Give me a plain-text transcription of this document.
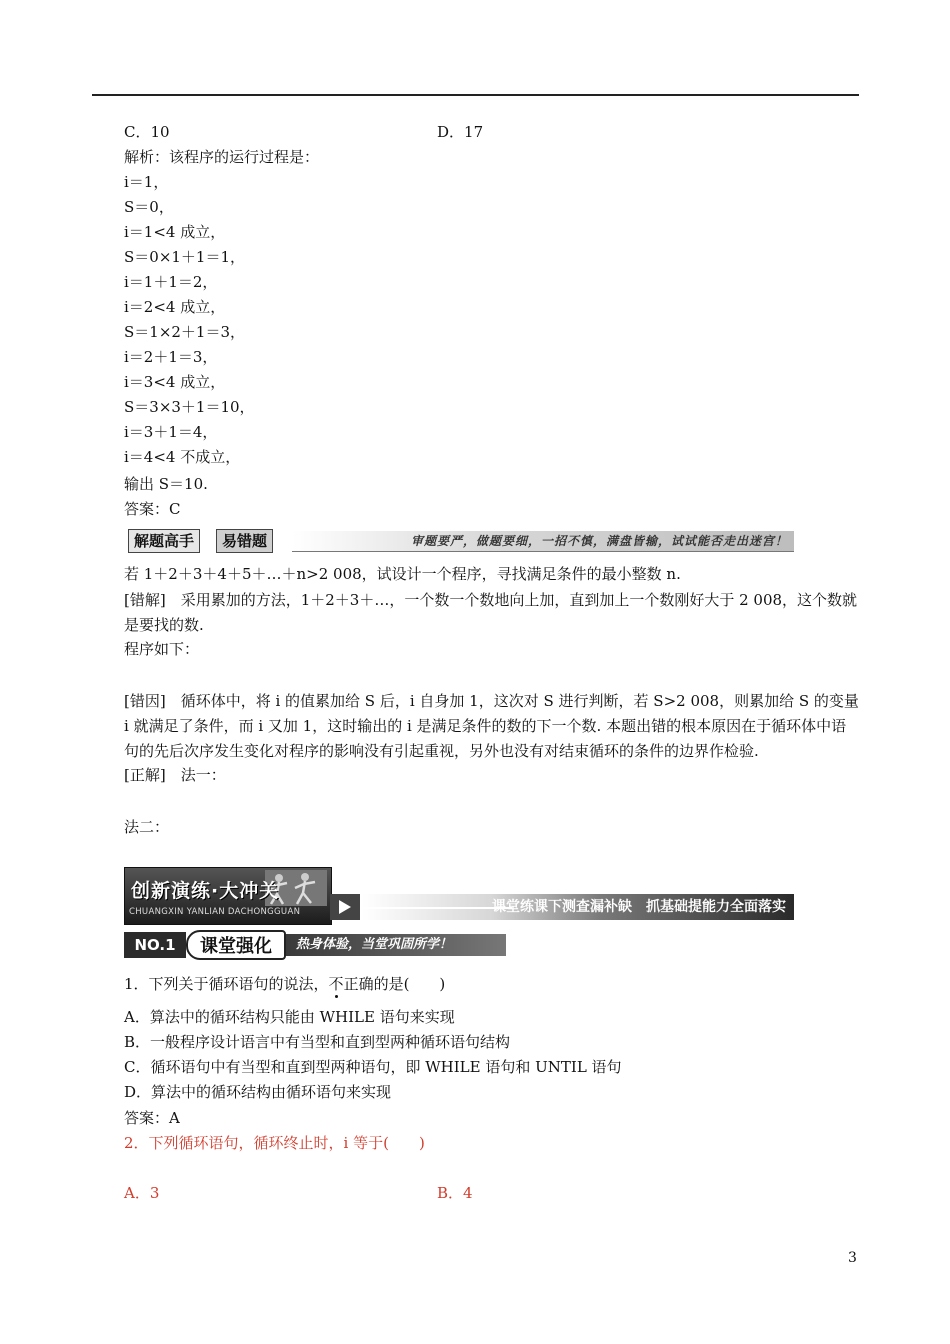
C．10	D．17
解析：该程序的运行过程是：
i＝1，
S＝0，
i＝1<4 成立，
S＝0×1＋1＝1，
i＝1＋1＝2，
i＝2<4 成立，
S＝1×2＋1＝3，
i＝2＋1＝3，
i＝3<4 成立，
S＝3×3＋1＝10，
i＝3＋1＝4，
i＝4<4 不成立，
输出 S＝10.
答案：C
解题高手	易错题	审题要严，做题要细，一招不慎，满盘皆输，试试能否走出迷宫！

若 1＋2＋3＋4＋5＋…＋n>2 008，试设计一个程序，寻找满足条件的最小整数 n.

[错解]　采用累加的方法，1＋2＋3＋…，一个数一个数地向上加，直到加上一个数刚好大于 2 008，这个数就是要找的数.

程序如下：

[错因]　循环体中，将 i 的值累加给 S 后，i 自身加 1，这次对 S 进行判断，若 S>2 008，则累加给 S 的变量 i 就满足了条件，而 i 又加 1，这时输出的 i 是满足条件的数的下一个数. 本题出错的根本原因在于循环体中语句的先后次序发生变化对程序的影响没有引起重视，另外也没有对结束循环的条件的边界作检验.

[正解]　法一：
法二：
创新演练·大冲关
CHUANGXIN YANLIAN DACHONGGUAN	课堂练课下测查漏补缺　抓基础提能力全面落实
热身体验，当堂巩固所学！
NO.1	课堂强化
1．下列关于循环语句的说法，不正确的是(　　)
A．算法中的循环结构只能由 WHILE 语句来实现
B．一般程序设计语言中有当型和直到型两种循环语句结构
C．循环语句中有当型和直到型两种语句，即 WHILE 语句和 UNTIL 语句
D．算法中的循环结构由循环语句来实现
答案：A
2．下列循环语句，循环终止时，i 等于(　　)
A．3	B．4
3
